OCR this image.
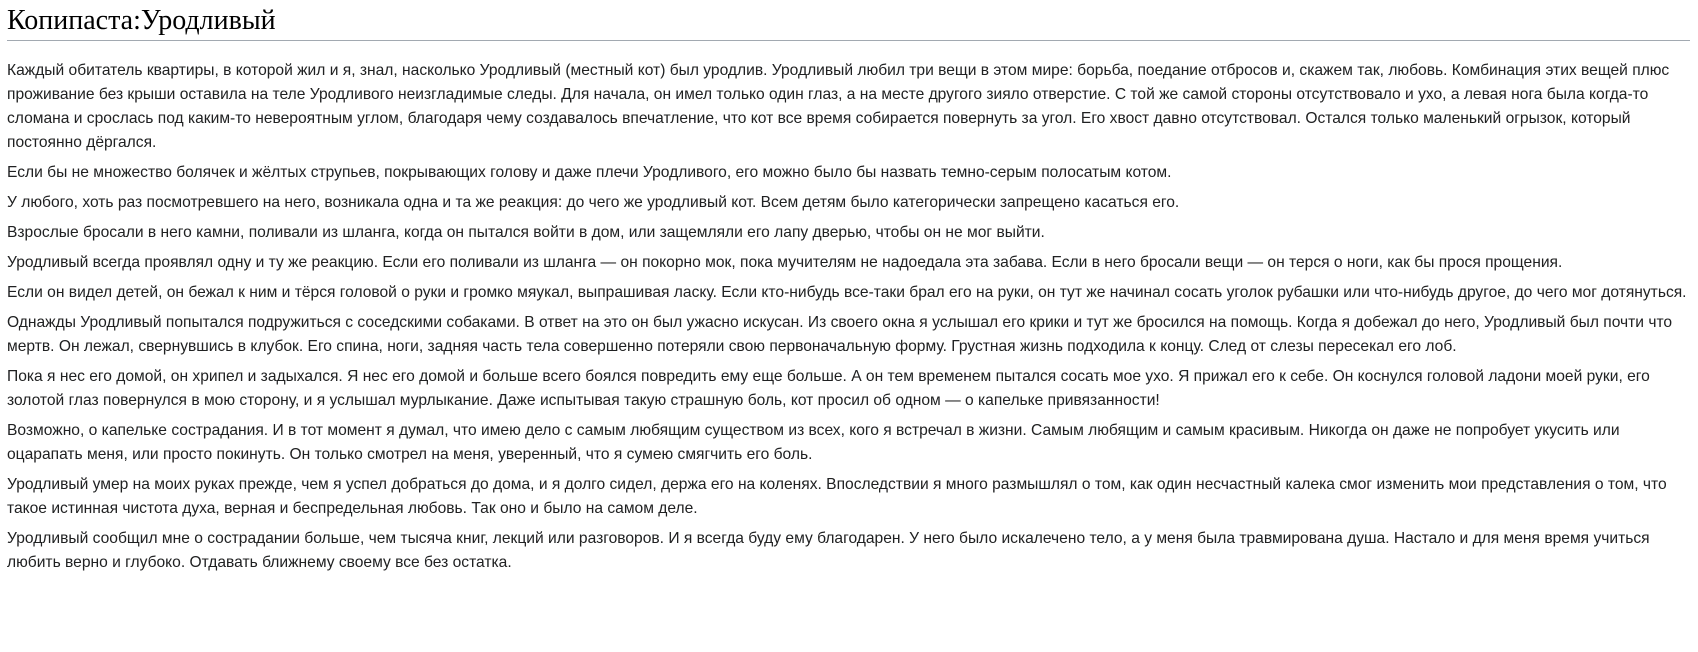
Копипаста:Уродливый

Каждый обитатель квартиры, в которой жил и я, знал, насколько Уродливый (местный кот) был уродлив. Уродливый любил три вещи в этом мире: борьба, поедание отбросов и, скажем так, любовь. Комбинация этих вещей плюс проживание без крыши оставила на теле Уродливого неизгладимые следы. Для начала, он имел только один глаз, а на месте другого зияло отверстие. С той же самой стороны отсутствовало и ухо, а левая нога была когда-то сломана и срослась под каким-то невероятным углом, благодаря чему создавалось впечатление, что кот все время собирается повернуть за угол. Его хвост давно отсутствовал. Остался только маленький огрызок, который постоянно дёргался.

Если бы не множество болячек и жёлтых струпьев, покрывающих голову и даже плечи Уродливого, его можно было бы назвать темно-серым полосатым котом.

У любого, хоть раз посмотревшего на него, возникала одна и та же реакция: до чего же уродливый кот. Всем детям было категорически запрещено касаться его.

Взрослые бросали в него камни, поливали из шланга, когда он пытался войти в дом, или защемляли его лапу дверью, чтобы он не мог выйти.

Уродливый всегда проявлял одну и ту же реакцию. Если его поливали из шланга — он покорно мок, пока мучителям не надоедала эта забава. Если в него бросали вещи — он терся о ноги, как бы прося прощения.

Если он видел детей, он бежал к ним и тёрся головой о руки и громко мяукал, выпрашивая ласку. Если кто-нибудь все-таки брал его на руки, он тут же начинал сосать уголок рубашки или что-нибудь другое, до чего мог дотянуться.

Однажды Уродливый попытался подружиться с соседскими собаками. В ответ на это он был ужасно искусан. Из своего окна я услышал его крики и тут же бросился на помощь. Когда я добежал до него, Уродливый был почти что мертв. Он лежал, свернувшись в клубок. Его спина, ноги, задняя часть тела совершенно потеряли свою первоначальную форму. Грустная жизнь подходила к концу. След от слезы пересекал его лоб.

Пока я нес его домой, он хрипел и задыхался. Я нес его домой и больше всего боялся повредить ему еще больше. А он тем временем пытался сосать мое ухо. Я прижал его к себе. Он коснулся головой ладони моей руки, его золотой глаз повернулся в мою сторону, и я услышал мурлыкание. Даже испытывая такую страшную боль, кот просил об одном — о капельке привязанности!

Возможно, о капельке сострадания. И в тот момент я думал, что имею дело с самым любящим существом из всех, кого я встречал в жизни. Самым любящим и самым красивым. Никогда он даже не попробует укусить или оцарапать меня, или просто покинуть. Он только смотрел на меня, уверенный, что я сумею смягчить его боль.

Уродливый умер на моих руках прежде, чем я успел добраться до дома, и я долго сидел, держа его на коленях. Впоследствии я много размышлял о том, как один несчастный калека смог изменить мои представления о том, что такое истинная чистота духа, верная и беспредельная любовь. Так оно и было на самом деле.

Уродливый сообщил мне о сострадании больше, чем тысяча книг, лекций или разговоров. И я всегда буду ему благодарен. У него было искалечено тело, а у меня была травмирована душа. Настало и для меня время учиться любить верно и глубоко. Отдавать ближнему своему все без остатка.
